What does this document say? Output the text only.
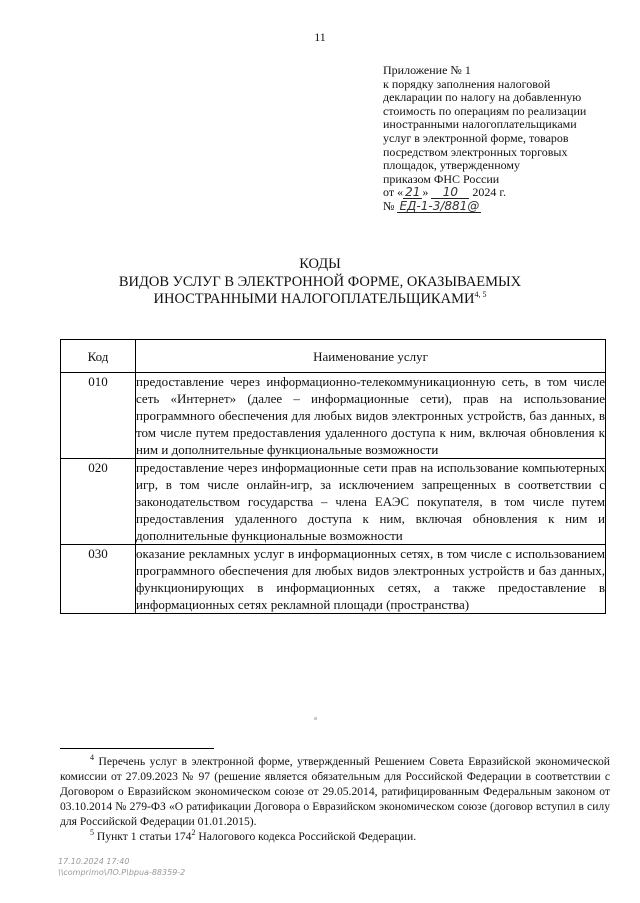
11
Приложение № 1
к порядку заполнения налоговой
декларации по налогу на добавленную
стоимость по операциям по реализации
иностранными налогоплательщиками
услуг в электронной форме, товаров
посредством электронных торговых
площадок, утвержденному
приказом ФНС России
от « 21 » 10 2024 г.
№ ЕД-1-3/881@
КОДЫ
ВИДОВ УСЛУГ В ЭЛЕКТРОННОЙ ФОРМЕ, ОКАЗЫВАЕМЫХ
ИНОСТРАННЫМИ НАЛОГОПЛАТЕЛЬЩИКАМИ$^{4, 5}$
Код	Наименование услуг
010	предоставление через информационно-телекоммуникационную сеть, в том числе сеть «Интернет» (далее – информационные сети), прав на использование программного обеспечения для любых видов электронных устройств, баз данных, в том числе путем предоставления удаленного доступа к ним, включая обновления к ним и дополнительные функциональные возможности
020	предоставление через информационные сети прав на использование компьютерных игр, в том числе онлайн-игр, за исключением запрещенных в соответствии с законодательством государства – члена ЕАЭС покупателя, в том числе путем предоставления удаленного доступа к ним, включая обновления к ним и дополнительные функциональные возможности
030	оказание рекламных услуг в информационных сетях, в том числе с использованием программного обеспечения для любых видов электронных устройств и баз данных, функционирующих в информационных сетях, а также предоставление в информационных сетях рекламной площади (пространства)

$^4$ Перечень услуг в электронной форме, утвержденный Решением Совета Евразийской экономической комиссии от 27.09.2023 № 97 (решение является обязательным для Российской Федерации в соответствии с Договором о Евразийском экономическом союзе от 29.05.2014, ратифицированным Федеральным законом от 03.10.2014 № 279-ФЗ «О ратификации Договора о Евразийском экономическом союзе (договор вступил в силу для Российской Федерации 01.01.2015).

$^5$ Пункт 1 статьи $174^2$ Налогового кодекса Российской Федерации.

17.10.2024 17:40
\\comprimo\ЛО.Р\bpua-88359-2
